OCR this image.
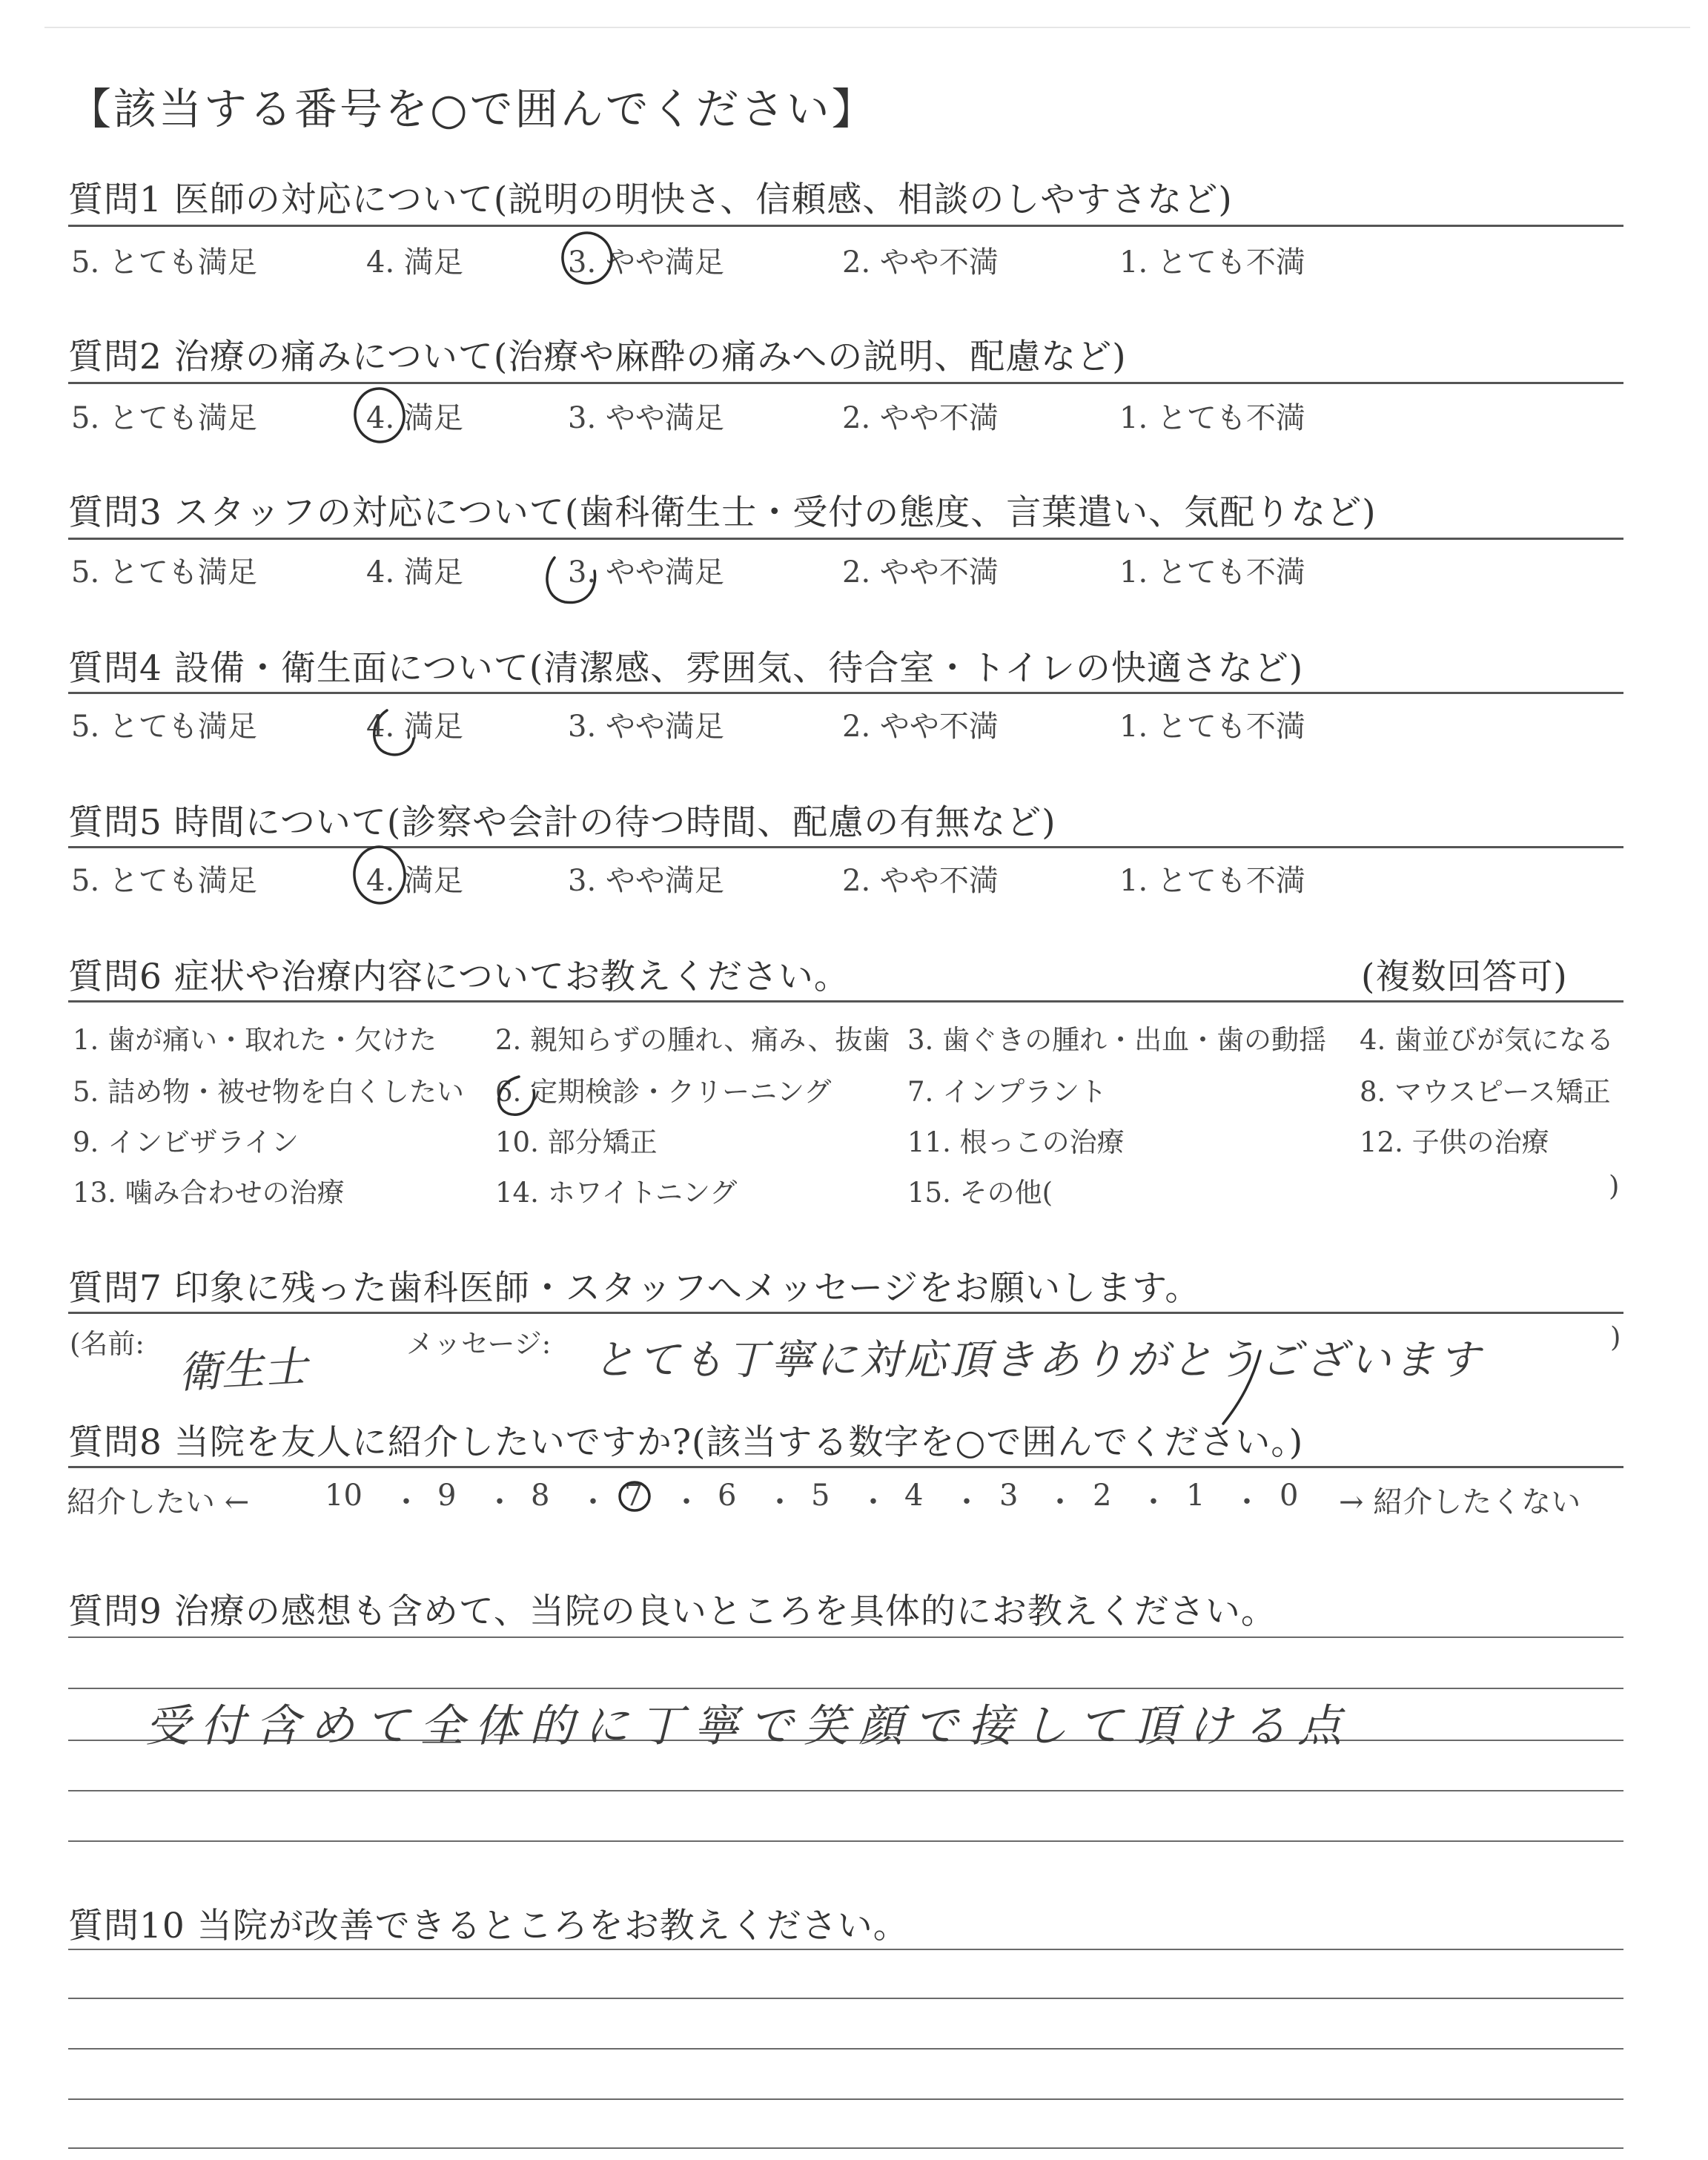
【該当する番号を○で囲んでください】
質問1 医師の対応について(説明の明快さ、信頼感、相談のしやすさなど)
5. とても満足	4. 満足	3. やや満足	2. やや不満	1. とても不満
質問2 治療の痛みについて(治療や麻酔の痛みへの説明、配慮など)
5. とても満足	4. 満足	3. やや満足	2. やや不満	1. とても不満
質問3 スタッフの対応について(歯科衛生士・受付の態度、言葉遣い、気配りなど)
5. とても満足	4. 満足	3. やや満足	2. やや不満	1. とても不満
質問4 設備・衛生面について(清潔感、雰囲気、待合室・トイレの快適さなど)
5. とても満足	4. 満足	3. やや満足	2. やや不満	1. とても不満
質問5 時間について(診察や会計の待つ時間、配慮の有無など)
5. とても満足	4. 満足	3. やや満足	2. やや不満	1. とても不満
質問6 症状や治療内容についてお教えください。	(複数回答可)
1. 歯が痛い・取れた・欠けた 2. 親知らずの腫れ、痛み、抜歯 3. 歯ぐきの腫れ・出血・歯の動揺 4. 歯並びが気になる
5. 詰め物・被せ物を白くしたい 6. 定期検診・クリーニング	7. インプラント	8. マウスピース矯正
9. インビザライン	10. 部分矯正	11. 根っこの治療	12. 子供の治療
13. 噛み合わせの治療	14. ホワイトニング	15. その他(	)
質問7 印象に残った歯科医師・スタッフへメッセージをお願いします。
(名前:	メッセージ:	)
衛生士	とても丁寧に対応頂きありがとうございます
質問8 当院を友人に紹介したいですか?(該当する数字を○で囲んでください。)
紹介したい ←	→ 紹介したくない
10 ・ 9 ・ 8 ・ 7 ・ 6 ・ 5 ・ 4 ・ 3 ・ 2 ・ 1 ・ 0
質問9 治療の感想も含めて、当院の良いところを具体的にお教えください。
受付含めて全体的に丁寧で笑顔で接して頂ける点
質問10 当院が改善できるところをお教えください。
